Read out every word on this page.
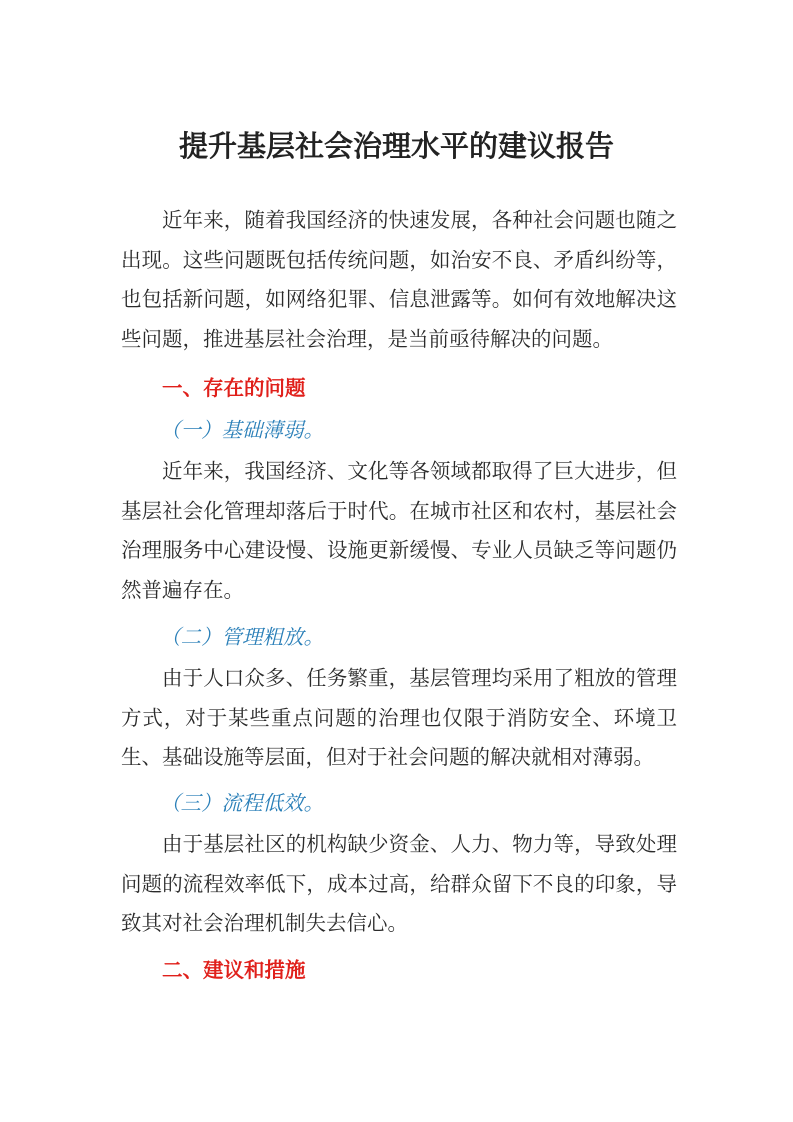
提升基层社会治理水平的建议报告

近年来，随着我国经济的快速发展，各种社会问题也随之出现。这些问题既包括传统问题，如治安不良、矛盾纠纷等，也包括新问题，如网络犯罪、信息泄露等。如何有效地解决这些问题，推进基层社会治理，是当前亟待解决的问题。

一、存在的问题

（一）基础薄弱。

近年来，我国经济、文化等各领域都取得了巨大进步，但基层社会化管理却落后于时代。在城市社区和农村，基层社会治理服务中心建设慢、设施更新缓慢、专业人员缺乏等问题仍然普遍存在。

（二）管理粗放。

由于人口众多、任务繁重，基层管理均采用了粗放的管理方式，对于某些重点问题的治理也仅限于消防安全、环境卫生、基础设施等层面，但对于社会问题的解决就相对薄弱。

（三）流程低效。

由于基层社区的机构缺少资金、人力、物力等，导致处理问题的流程效率低下，成本过高，给群众留下不良的印象，导致其对社会治理机制失去信心。

二、建议和措施
